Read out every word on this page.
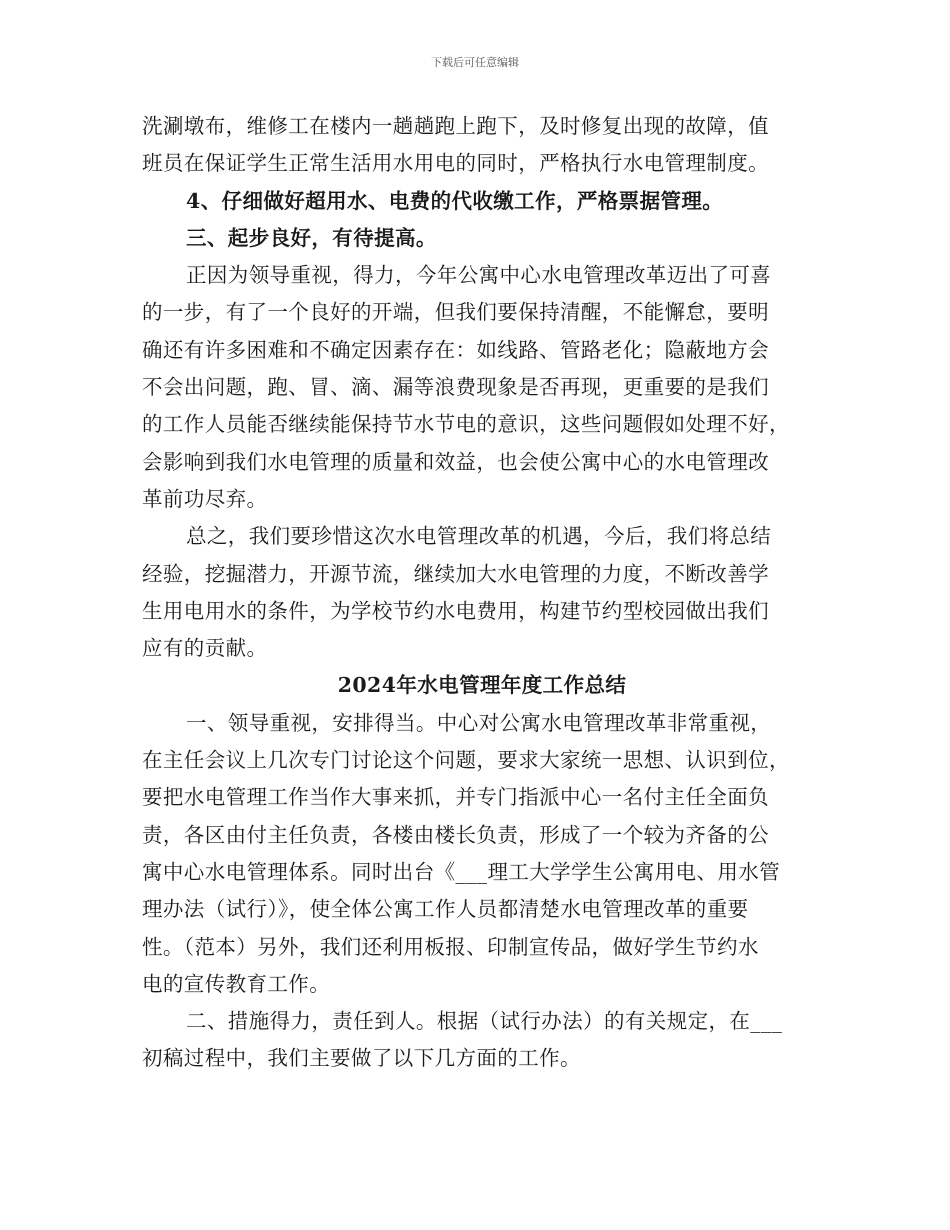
下载后可任意编辑
洗涮墩布，维修工在楼内一趟趟跑上跑下，及时修复出现的故障，值
班员在保证学生正常生活用水用电的同时，严格执行水电管理制度。
4、仔细做好超用水、电费的代收缴工作，严格票据管理。
三、起步良好，有待提高。
正因为领导重视，得力，今年公寓中心水电管理改革迈出了可喜
的一步，有了一个良好的开端，但我们要保持清醒，不能懈怠，要明
确还有许多困难和不确定因素存在：如线路、管路老化；隐蔽地方会
不会出问题，跑、冒、滴、漏等浪费现象是否再现，更重要的是我们
的工作人员能否继续能保持节水节电的意识，这些问题假如处理不好，
会影响到我们水电管理的质量和效益，也会使公寓中心的水电管理改
革前功尽弃。
总之，我们要珍惜这次水电管理改革的机遇，今后，我们将总结
经验，挖掘潜力，开源节流，继续加大水电管理的力度，不断改善学
生用电用水的条件，为学校节约水电费用，构建节约型校园做出我们
应有的贡献。
2024年水电管理年度工作总结
一、领导重视，安排得当。中心对公寓水电管理改革非常重视，
在主任会议上几次专门讨论这个问题，要求大家统一思想、认识到位，
要把水电管理工作当作大事来抓，并专门指派中心一名付主任全面负
责，各区由付主任负责，各楼由楼长负责，形成了一个较为齐备的公
寓中心水电管理体系。同时出台《___理工大学学生公寓用电、用水管
理办法（试行）》，使全体公寓工作人员都清楚水电管理改革的重要
性。（范本）另外，我们还利用板报、印制宣传品，做好学生节约水
电的宣传教育工作。
二、措施得力，责任到人。根据（试行办法）的有关规定，在___
初稿过程中，我们主要做了以下几方面的工作。
